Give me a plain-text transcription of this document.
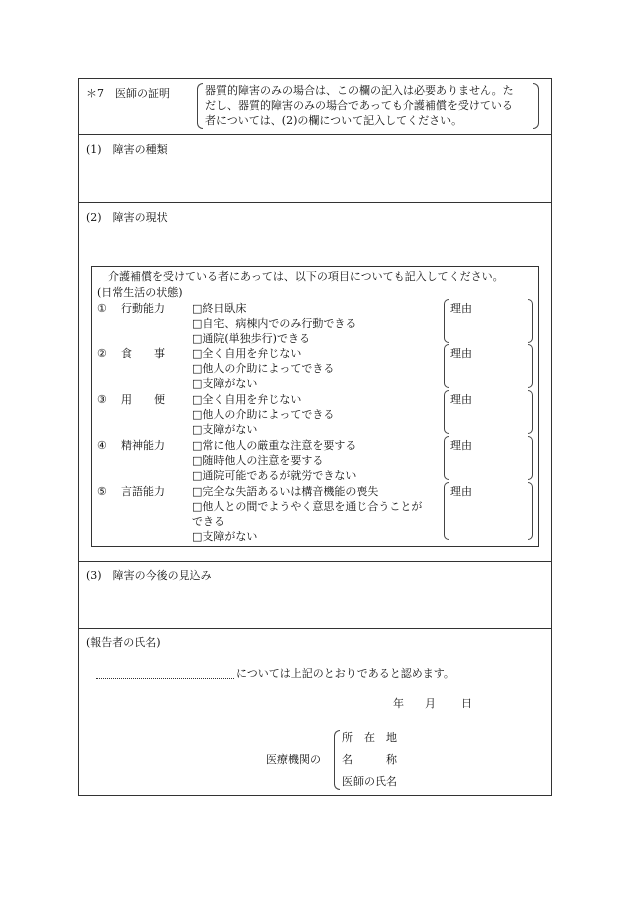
＊7　医師の証明	器質的障害のみの場合は、この欄の記入は必要ありません。た
だし、器質的障害のみの場合であっても介護補償を受けている
者については、(2)の欄について記入してください。
(1)　障害の種類
(2)　障害の現状
介護補償を受けている者にあっては、以下の項目についても記入してください。
(日常生活の状態)
① 行動能力 □終日臥床
□自宅、病棟内でのみ行動できる
□通院(単独歩行)できる
理由
② 食　　事 □全く自用を弁じない
□他人の介助によってできる
□支障がない
理由
③ 用　　便 □全く自用を弁じない
□他人の介助によってできる
□支障がない
理由
④ 精神能力 □常に他人の厳重な注意を要する
□随時他人の注意を要する
□通院可能であるが就労できない
理由
⑤ 言語能力 □完全な失語あるいは構音機能の喪失
□他人との間でようやく意思を通じ合うことが
できる
□支障がない
理由
(3)　障害の今後の見込み
(報告者の氏名)
については上記のとおりであると認めます。
年 月 日
医療機関の
所　在　地
名　　　称
医師の氏名
